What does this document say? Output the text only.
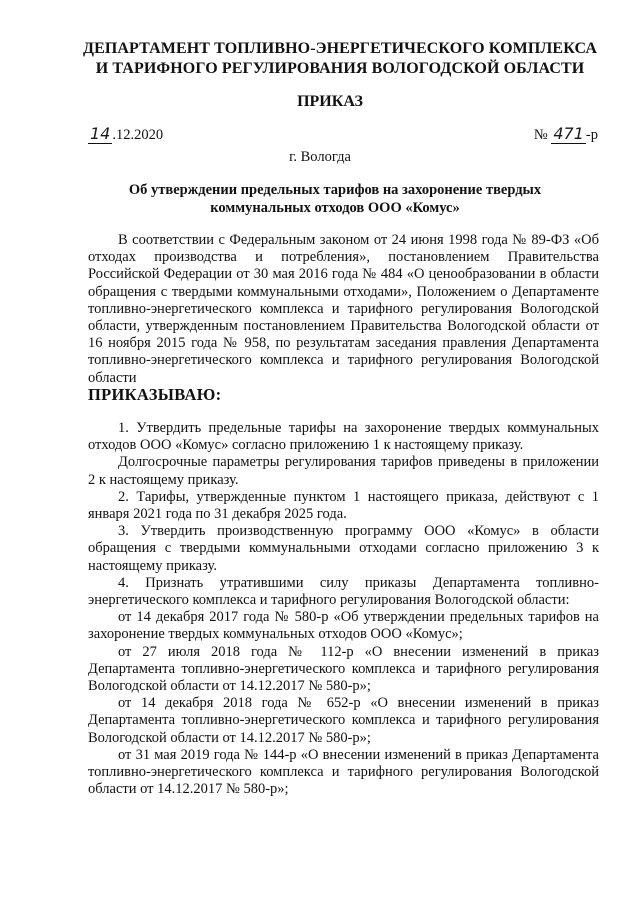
ДЕПАРТАМЕНТ ТОПЛИВНО-ЭНЕРГЕТИЧЕСКОГО КОМПЛЕКСА
И ТАРИФНОГО РЕГУЛИРОВАНИЯ ВОЛОГОДСКОЙ ОБЛАСТИ
ПРИКАЗ
14 .12.2020	№ 471 -р
г. Вологда
Об утверждении предельных тарифов на захоронение твердых коммунальных отходов ООО «Комус»

В соответствии с Федеральным законом от 24 июня 1998 года № 89-ФЗ «Об отходах производства и потребления», постановлением Правительства Российской Федерации от 30 мая 2016 года № 484 «О ценообразовании в области обращения с твердыми коммунальными отходами», Положением о Департаменте топливно-энергетического комплекса и тарифного регулирования Вологодской области, утвержденным постановлением Правительства Вологодской области от 16 ноября 2015 года № 958, по результатам заседания правления Департамента топливно-энергетического комплекса и тарифного регулирования Вологодской области

ПРИКАЗЫВАЮ:

1. Утвердить предельные тарифы на захоронение твердых коммунальных отходов ООО «Комус» согласно приложению 1 к настоящему приказу.

Долгосрочные параметры регулирования тарифов приведены в приложении 2 к настоящему приказу.

2. Тарифы, утвержденные пунктом 1 настоящего приказа, действуют с 1 января 2021 года по 31 декабря 2025 года.

3. Утвердить производственную программу ООО «Комус» в области обращения с твердыми коммунальными отходами согласно приложению 3 к настоящему приказу.

4. Признать утратившими силу приказы Департамента топливно-энергетического комплекса и тарифного регулирования Вологодской области:

от 14 декабря 2017 года № 580-р «Об утверждении предельных тарифов на захоронение твердых коммунальных отходов ООО «Комус»;

от 27 июля 2018 года № 112-р «О внесении изменений в приказ Департамента топливно-энергетического комплекса и тарифного регулирования Вологодской области от 14.12.2017 № 580-р»;

от 14 декабря 2018 года № 652-р «О внесении изменений в приказ Департамента топливно-энергетического комплекса и тарифного регулирования Вологодской области от 14.12.2017 № 580-р»;

от 31 мая 2019 года № 144-р «О внесении изменений в приказ Департамента топливно-энергетического комплекса и тарифного регулирования Вологодской области от 14.12.2017 № 580-р»;
